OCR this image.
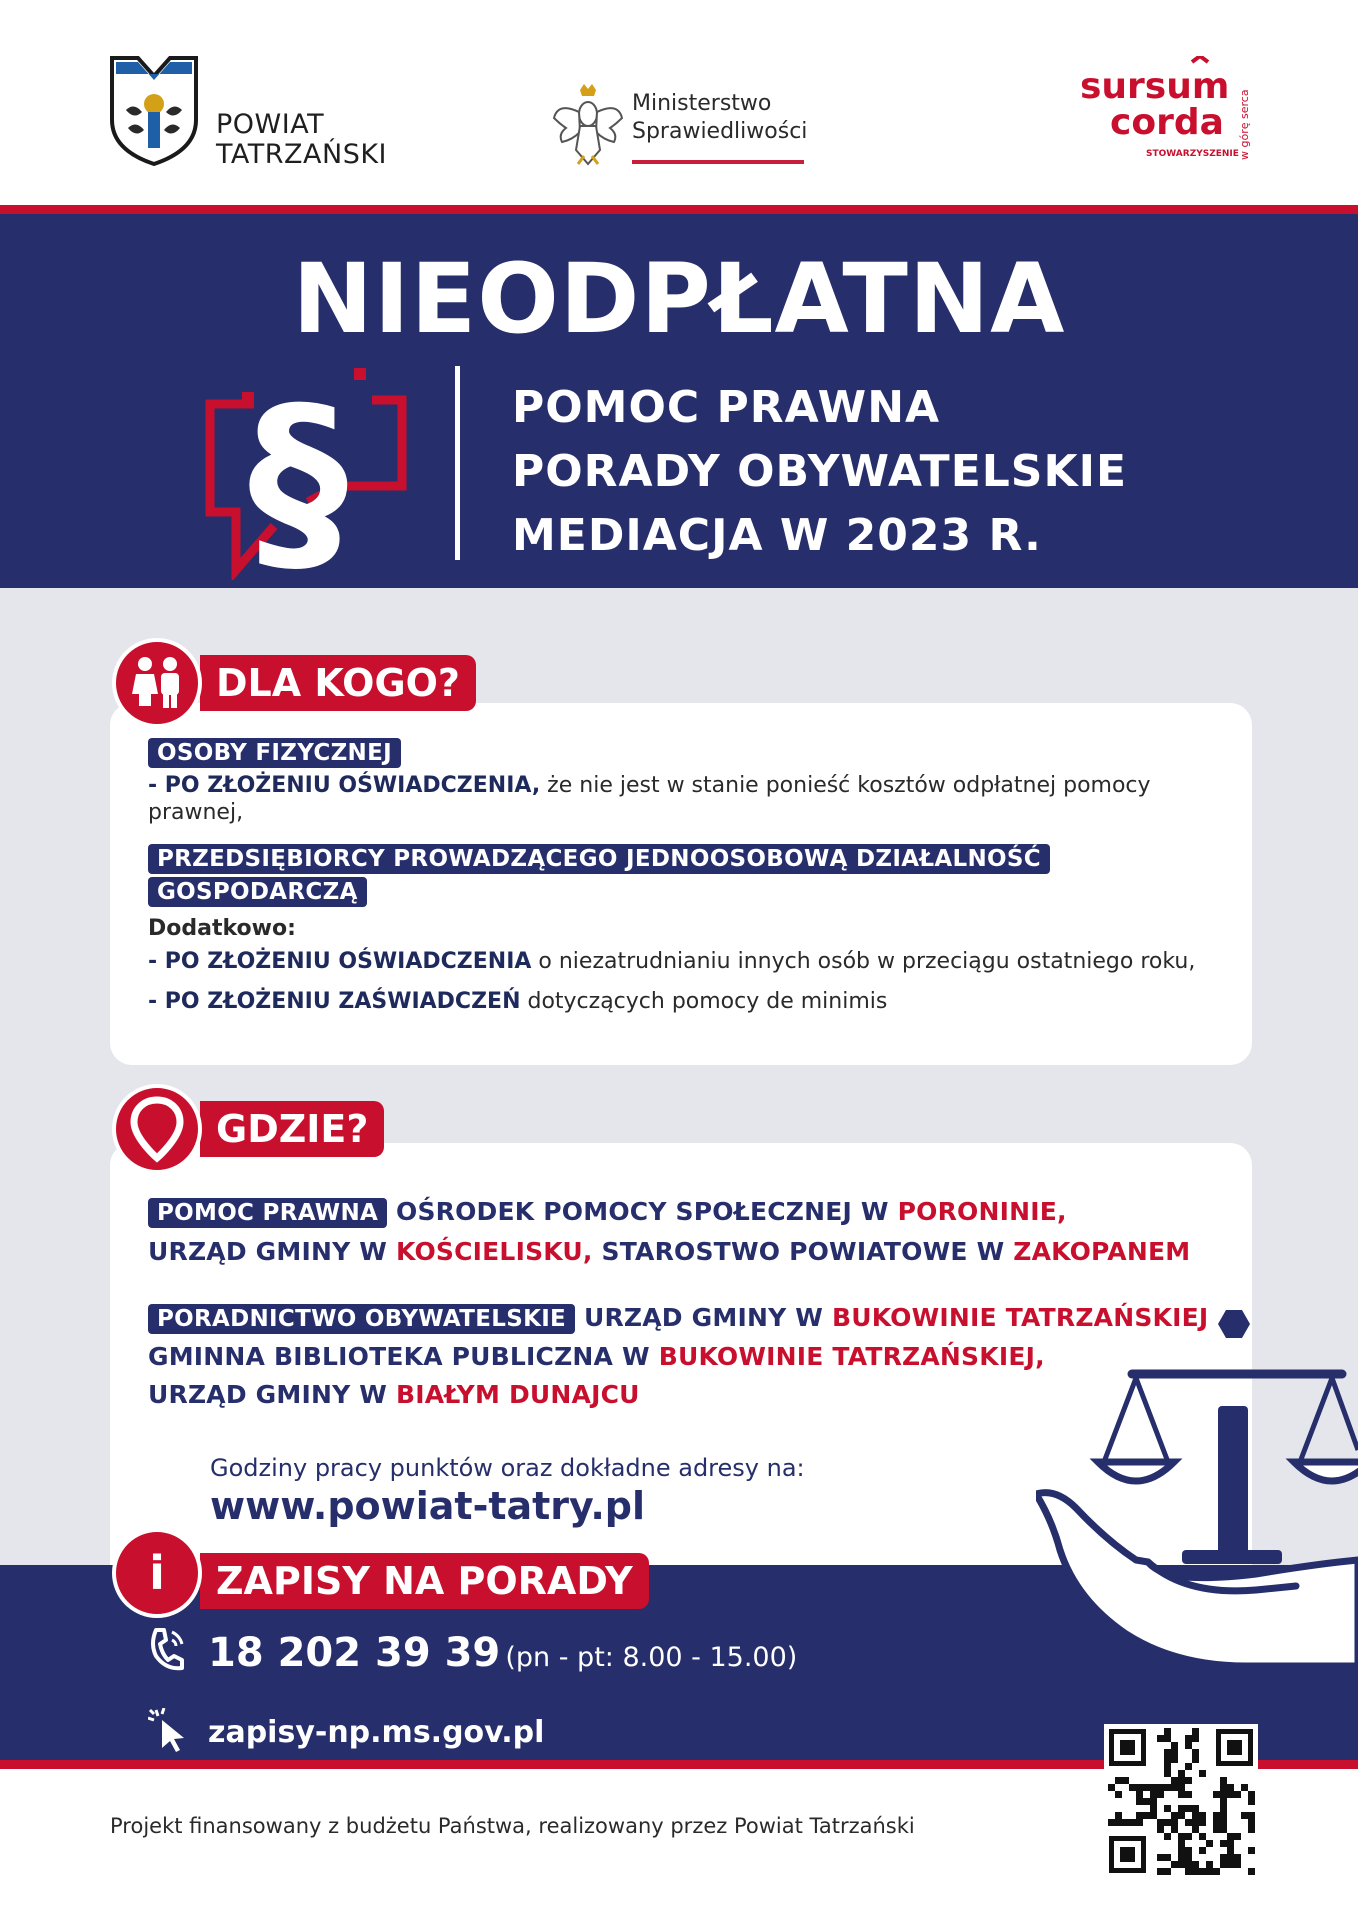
POWIAT
TATRZAŃSKI
Ministerstwo
Sprawiedliwości
sursum
corda
STOWARZYSZENIE w górę serca
NIEODPŁATNA
§	POMOC PRAWNA
PORADY OBYWATELSKIE
MEDIACJA W 2023 R.
DLA KOGO?
OSOBY FIZYCZNEJ
- PO ZŁOŻENIU OŚWIADCZENIA, że nie jest w stanie ponieść kosztów odpłatnej pomocy prawnej,
PRZEDSIĘBIORCY PROWADZĄCEGO JEDNOOSOBOWĄ DZIAŁALNOŚĆ
GOSPODARCZĄ
Dodatkowo:
- PO ZŁOŻENIU OŚWIADCZENIA o niezatrudnianiu innych osób w przeciągu ostatniego roku,
- PO ZŁOŻENIU ZAŚWIADCZEŃ dotyczących pomocy de minimis
GDZIE?
POMOC PRAWNA OŚRODEK POMOCY SPOŁECZNEJ W PORONINIE,
URZĄD GMINY W KOŚCIELISKU, STAROSTWO POWIATOWE W ZAKOPANEM
PORADNICTWO OBYWATELSKIE URZĄD GMINY W BUKOWINIE TATRZAŃSKIEJ
GMINNA BIBLIOTEKA PUBLICZNA W BUKOWINIE TATRZAŃSKIEJ,
URZĄD GMINY W BIAŁYM DUNAJCU
Godziny pracy punktów oraz dokładne adresy na:
www.powiat-tatry.pl
ZAPISY NA PORADY
i
18 202 39 39 (pn - pt: 8.00 - 15.00)
zapisy-np.ms.gov.pl
Projekt finansowany z budżetu Państwa, realizowany przez Powiat Tatrzański
